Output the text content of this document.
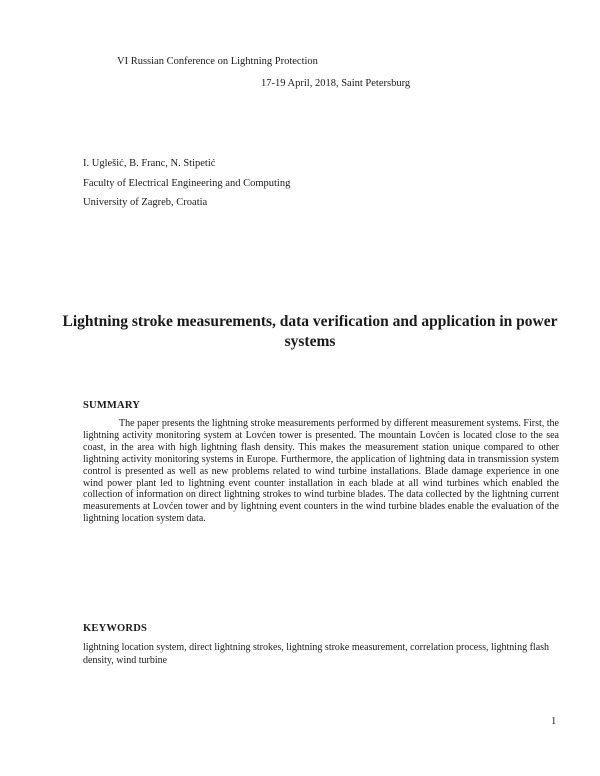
VI Russian Conference on Lightning Protection
17-19 April, 2018, Saint Petersburg
I. Uglešić, B. Franc, N. Stipetić
Faculty of Electrical Engineering and Computing
University of Zagreb, Croatia
Lightning stroke measurements, data verification and application in power systems
SUMMARY
The paper presents the lightning stroke measurements performed by different measurement systems. First, the lightning activity monitoring system at Lovćen tower is presented. The mountain Lovćen is located close to the sea coast, in the area with high lightning flash density. This makes the measurement station unique compared to other lightning activity monitoring systems in Europe. Furthermore, the application of lightning data in transmission system control is presented as well as new problems related to wind turbine installations. Blade damage experience in one wind power plant led to lightning event counter installation in each blade at all wind turbines which enabled the collection of information on direct lightning strokes to wind turbine blades. The data collected by the lightning current measurements at Lovćen tower and by lightning event counters in the wind turbine blades enable the evaluation of the lightning location system data.
KEYWORDS
lightning location system, direct lightning strokes, lightning stroke measurement, correlation process, lightning flash density, wind turbine
1
